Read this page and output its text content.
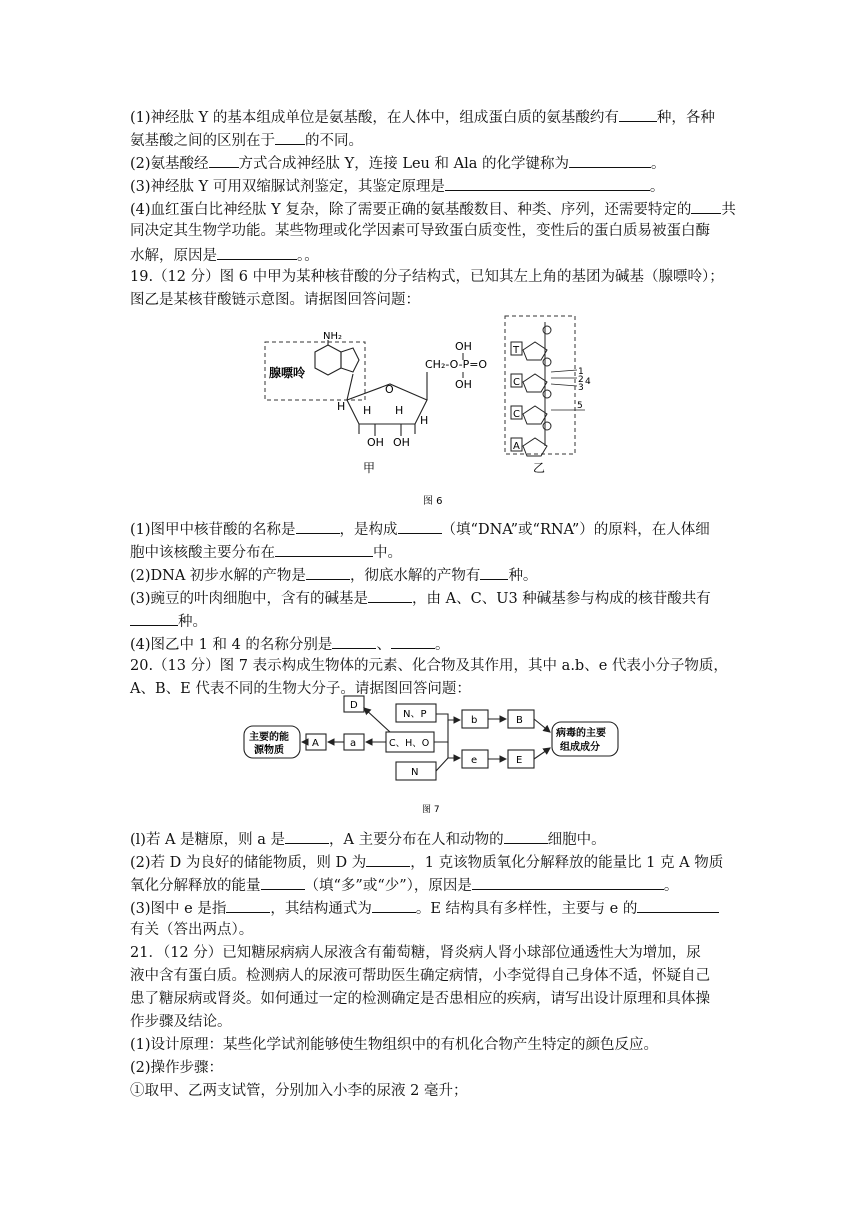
(1)神经肽 Y 的基本组成单位是氨基酸，在人体中，组成蛋白质的氨基酸约有	种，各种
氨基酸之间的区别在于 的不同。
(2)氨基酸经 方式合成神经肽 Y，连接 Leu 和 Ala 的化学键称为	。
(3)神经肽 Y 可用双缩脲试剂鉴定，其鉴定原理是	。
(4)血红蛋白比神经肽 Y 复杂，除了需要正确的氨基酸数目、种类、序列，还需要特定的 共
同决定其生物学功能。某些物理或化学因素可导致蛋白质变性，变性后的蛋白质易被蛋白酶
水解，原因是	。。
19.（12 分）图 6 中甲为某种核苷酸的分子结构式，已知其左上角的基团为碱基（腺嘌呤）；
图乙是某核苷酸链示意图。请据图回答问题：
NH₂
腺嘌呤
O
H H H
H
OH OH
CH₂-O-P=O
OH
OH
甲
T
C
C
A
1
2
3
4
5
乙
图 6
(1)图甲中核苷酸的名称是	，是构成	（填“DNA”或“RNA”）的原料，在人体细
胞中该核酸主要分布在	中。
(2)DNA 初步水解的产物是	，彻底水解的产物有 种。
(3)豌豆的叶肉细胞中，含有的碱基是	，由 A、C、U3 种碱基参与构成的核苷酸共有
种。
(4)图乙中 1 和 4 的名称分别是	、	。
20.（13 分）图 7 表示构成生物体的元素、化合物及其作用，其中 a.b、e 代表小分子物质，
A、B、E 代表不同的生物大分子。请据图回答问题：
主要的能
源物质
A	a	C、H、O
D
N、P
N
b
e
B
E
病毒的主要
组成成分
图 7
(l)若 A 是糖原，则 a 是	，A 主要分布在人和动物的	细胞中。
(2)若 D 为良好的储能物质，则 D 为	，1 克该物质氧化分解释放的能量比 1 克 A 物质
氧化分解释放的能量	（填“多”或“少”），原因是	。
(3)图中 e 是指	，其结构通式为	。E 结构具有多样性，主要与 e 的
有关（答出两点）。
21．（12 分）已知糖尿病病人尿液含有葡萄糖，肾炎病人肾小球部位通透性大为增加，尿
液中含有蛋白质。检测病人的尿液可帮助医生确定病情，小李觉得自己身体不适，怀疑自己
患了糖尿病或肾炎。如何通过一定的检测确定是否患相应的疾病，请写出设计原理和具体操
作步骤及结论。
(1)设计原理：某些化学试剂能够使生物组织中的有机化合物产生特定的颜色反应。
(2)操作步骤：
①取甲、乙两支试管，分别加入小李的尿液 2 毫升；
